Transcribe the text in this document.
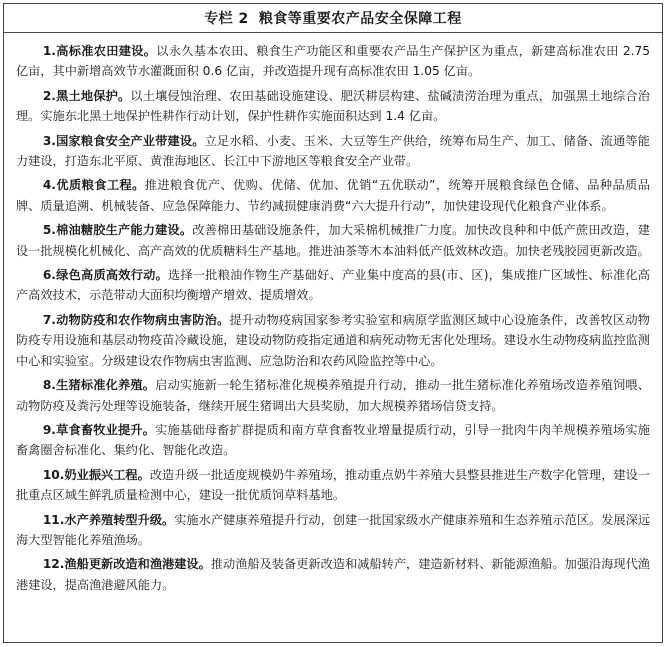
专栏 2 粮食等重要农产品安全保障工程

1.高标准农田建设。以永久基本农田、粮食生产功能区和重要农产品生产保护区为重点，新建高标准农田 2.75 亿亩，其中新增高效节水灌溉面积 0.6 亿亩，并改造提升现有高标准农田 1.05 亿亩。

2.黑土地保护。以土壤侵蚀治理、农田基础设施建设、肥沃耕层构建、盐碱渍涝治理为重点，加强黑土地综合治理。实施东北黑土地保护性耕作行动计划，保护性耕作实施面积达到 1.4 亿亩。

3.国家粮食安全产业带建设。立足水稻、小麦、玉米、大豆等生产供给，统筹布局生产、加工、储备、流通等能力建设，打造东北平原、黄淮海地区、长江中下游地区等粮食安全产业带。

4.优质粮食工程。推进粮食优产、优购、优储、优加、优销“五优联动”，统筹开展粮食绿色仓储、品种品质品牌、质量追溯、机械装备、应急保障能力、节约减损健康消费“六大提升行动”，加快建设现代化粮食产业体系。

5.棉油糖胶生产能力建设。改善棉田基础设施条件，加大采棉机械推广力度。加快改良种和中低产蔗田改造，建设一批规模化机械化、高产高效的优质糖料生产基地。推进油茶等木本油料低产低效林改造。加快老残胶园更新改造。

6.绿色高质高效行动。选择一批粮油作物生产基础好、产业集中度高的县(市、区)，集成推广区域性、标准化高产高效技术，示范带动大面积均衡增产增效、提质增效。

7.动物防疫和农作物病虫害防治。提升动物疫病国家参考实验室和病原学监测区域中心设施条件，改善牧区动物防疫专用设施和基层动物疫苗冷藏设施，建设动物防疫指定通道和病死动物无害化处理场。建设水生动物疫病监控监测中心和实验室。分级建设农作物病虫害监测、应急防治和农药风险监控等中心。

8.生猪标准化养殖。启动实施新一轮生猪标准化规模养殖提升行动，推动一批生猪标准化养殖场改造养殖饲喂、动物防疫及粪污处理等设施装备，继续开展生猪调出大县奖励，加大规模养猪场信贷支持。

9.草食畜牧业提升。实施基础母畜扩群提质和南方草食畜牧业增量提质行动，引导一批肉牛肉羊规模养殖场实施畜禽圈舍标准化、集约化、智能化改造。

10.奶业振兴工程。改造升级一批适度规模奶牛养殖场，推动重点奶牛养殖大县整县推进生产数字化管理，建设一批重点区域生鲜乳质量检测中心，建设一批优质饲草料基地。

11.水产养殖转型升级。实施水产健康养殖提升行动，创建一批国家级水产健康养殖和生态养殖示范区。发展深远海大型智能化养殖渔场。

12.渔船更新改造和渔港建设。推动渔船及装备更新改造和减船转产，建造新材料、新能源渔船。加强沿海现代渔港建设，提高渔港避风能力。
